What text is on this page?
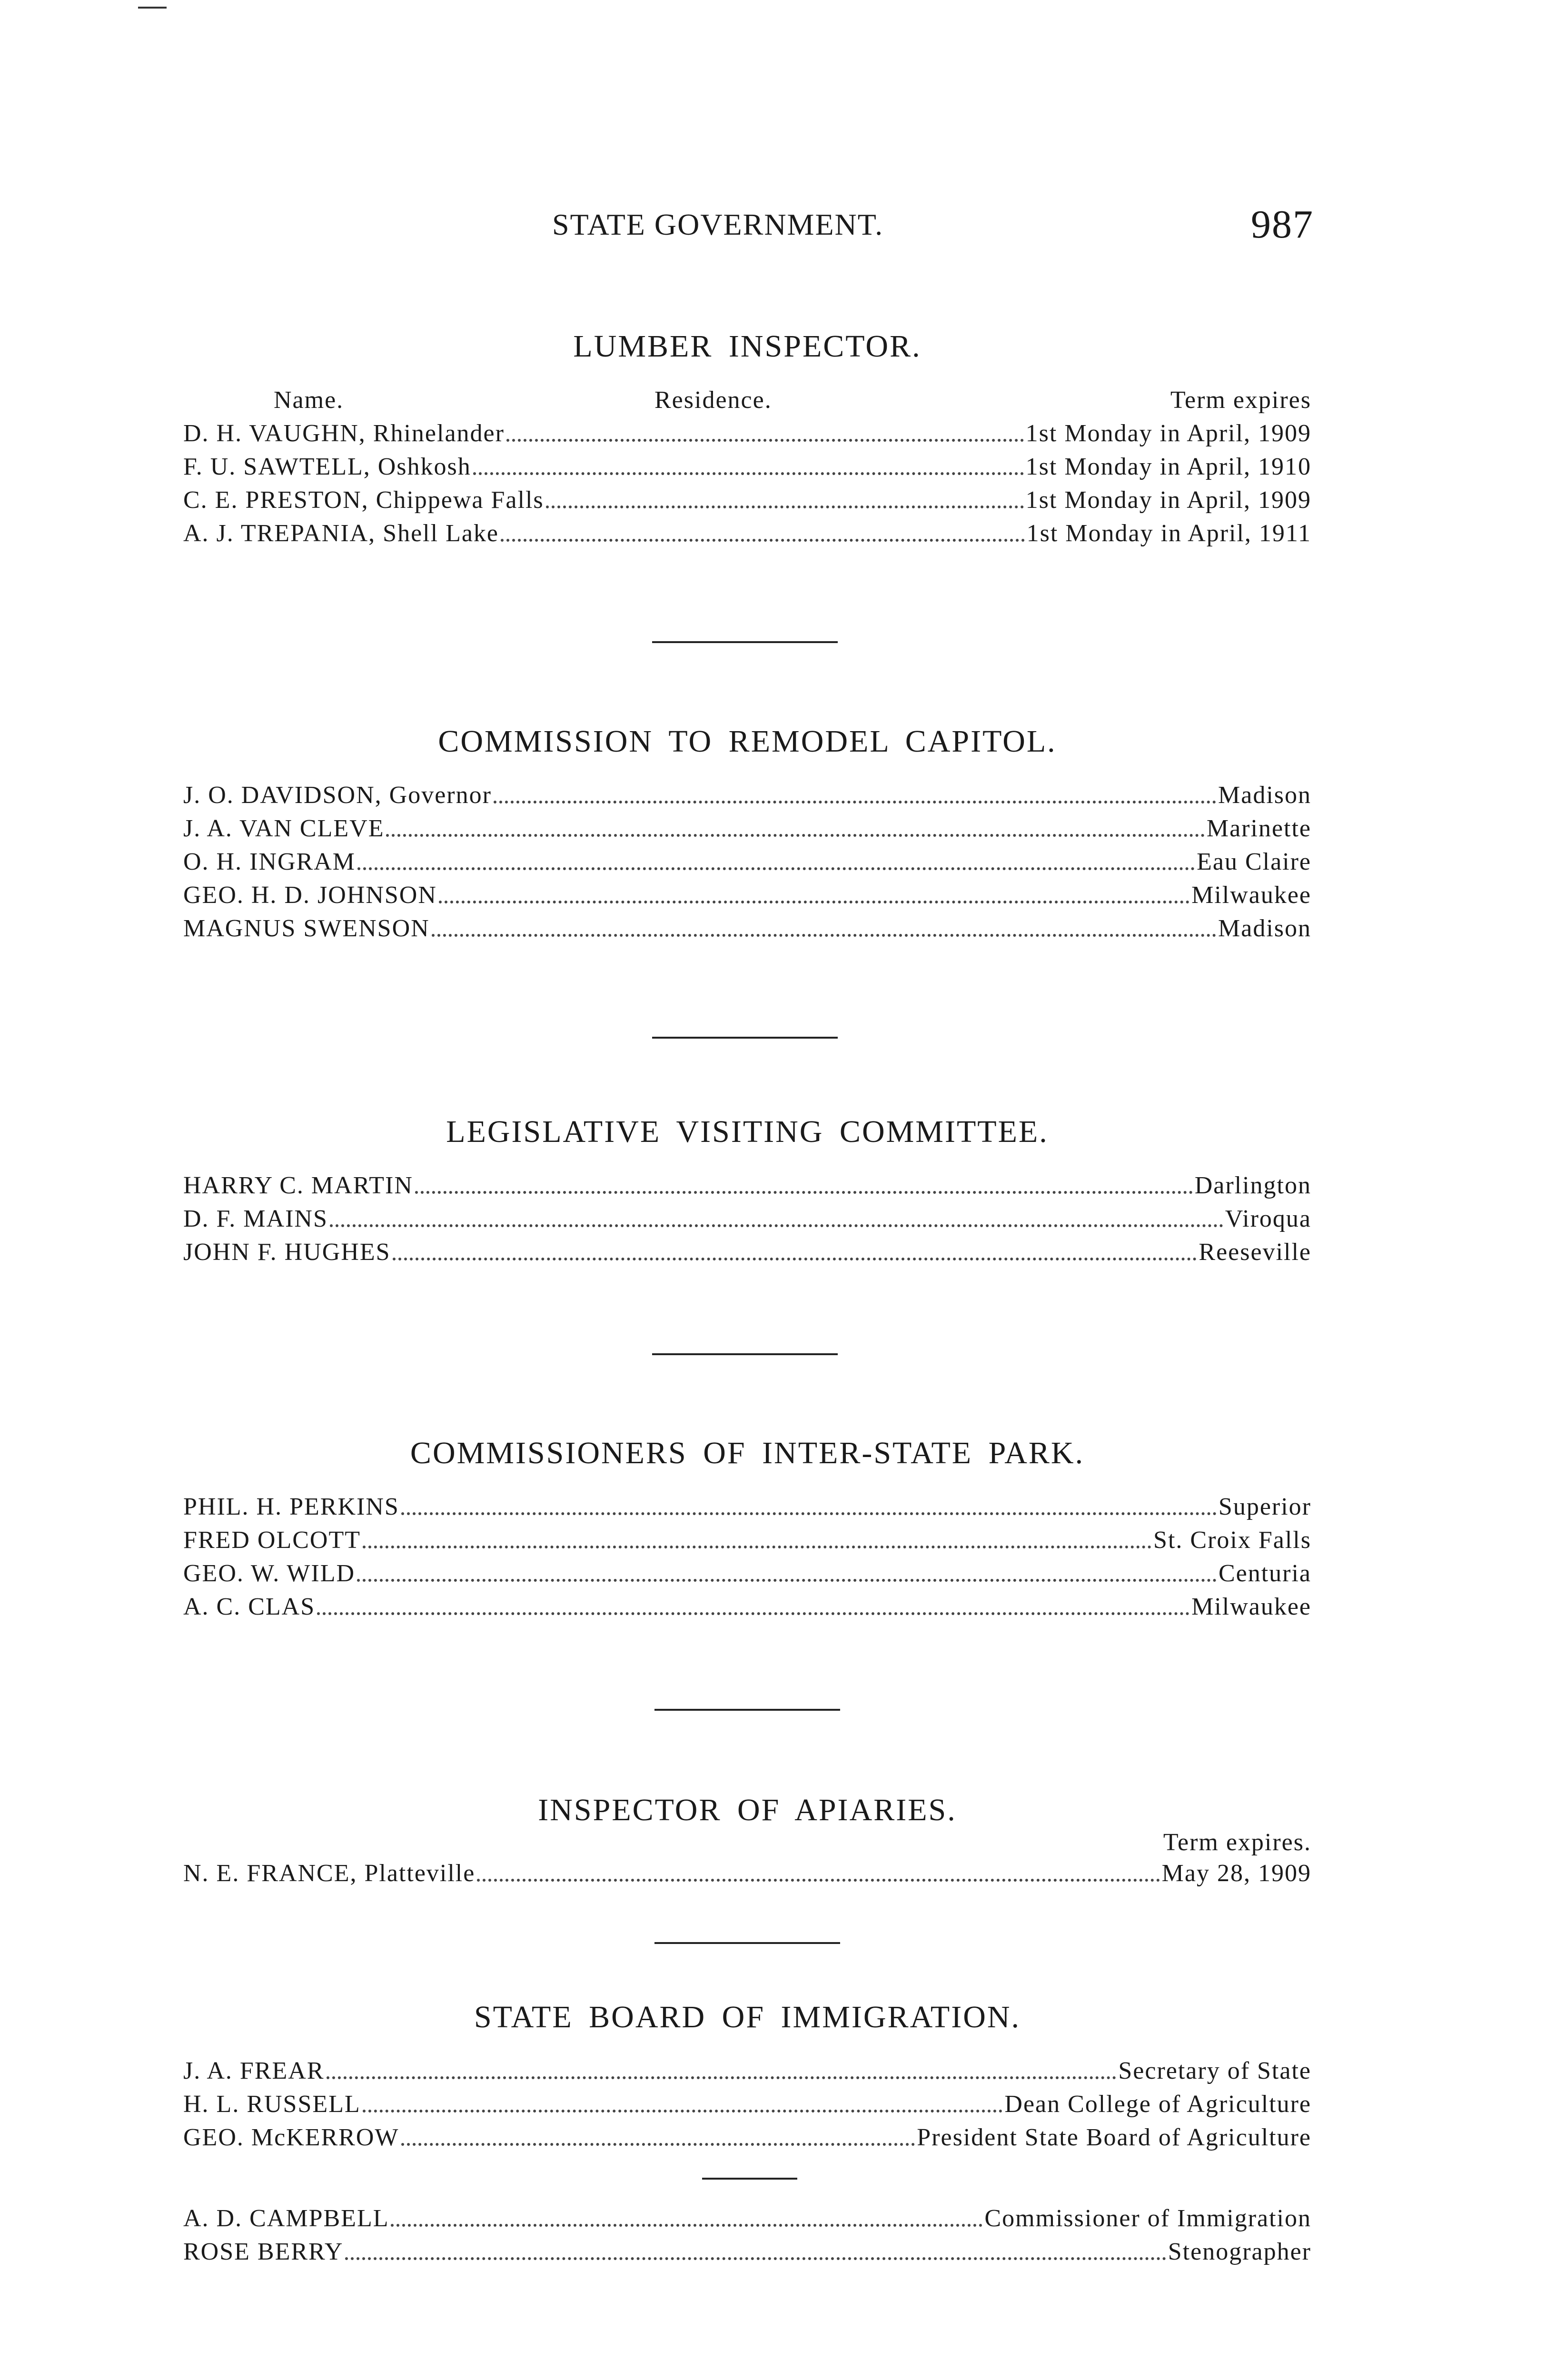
STATE GOVERNMENT.	987
LUMBER INSPECTOR.
Name.	Residence.	Term expires
D. H. VAUGHN, Rhinelander	1st Monday in April, 1909
F. U. SAWTELL, Oshkosh	1st Monday in April, 1910
C. E. PRESTON, Chippewa Falls	1st Monday in April, 1909
A. J. TREPANIA, Shell Lake	1st Monday in April, 1911
COMMISSION TO REMODEL CAPITOL.
J. O. DAVIDSON, Governor	Madison
J. A. VAN CLEVE	Marinette
O. H. INGRAM	Eau Claire
GEO. H. D. JOHNSON	Milwaukee
MAGNUS SWENSON	Madison
LEGISLATIVE VISITING COMMITTEE.
HARRY C. MARTIN	Darlington
D. F. MAINS	Viroqua
JOHN F. HUGHES	Reeseville
COMMISSIONERS OF INTER-STATE PARK.
PHIL. H. PERKINS	Superior
FRED OLCOTT	St. Croix Falls
GEO. W. WILD	Centuria
A. C. CLAS	Milwaukee
INSPECTOR OF APIARIES.
Term expires.
N. E. FRANCE, Platteville	May 28, 1909
STATE BOARD OF IMMIGRATION.
J. A. FREAR	Secretary of State
H. L. RUSSELL	Dean College of Agriculture
GEO. McKERROW	President State Board of Agriculture
A. D. CAMPBELL	Commissioner of Immigration
ROSE BERRY	Stenographer
